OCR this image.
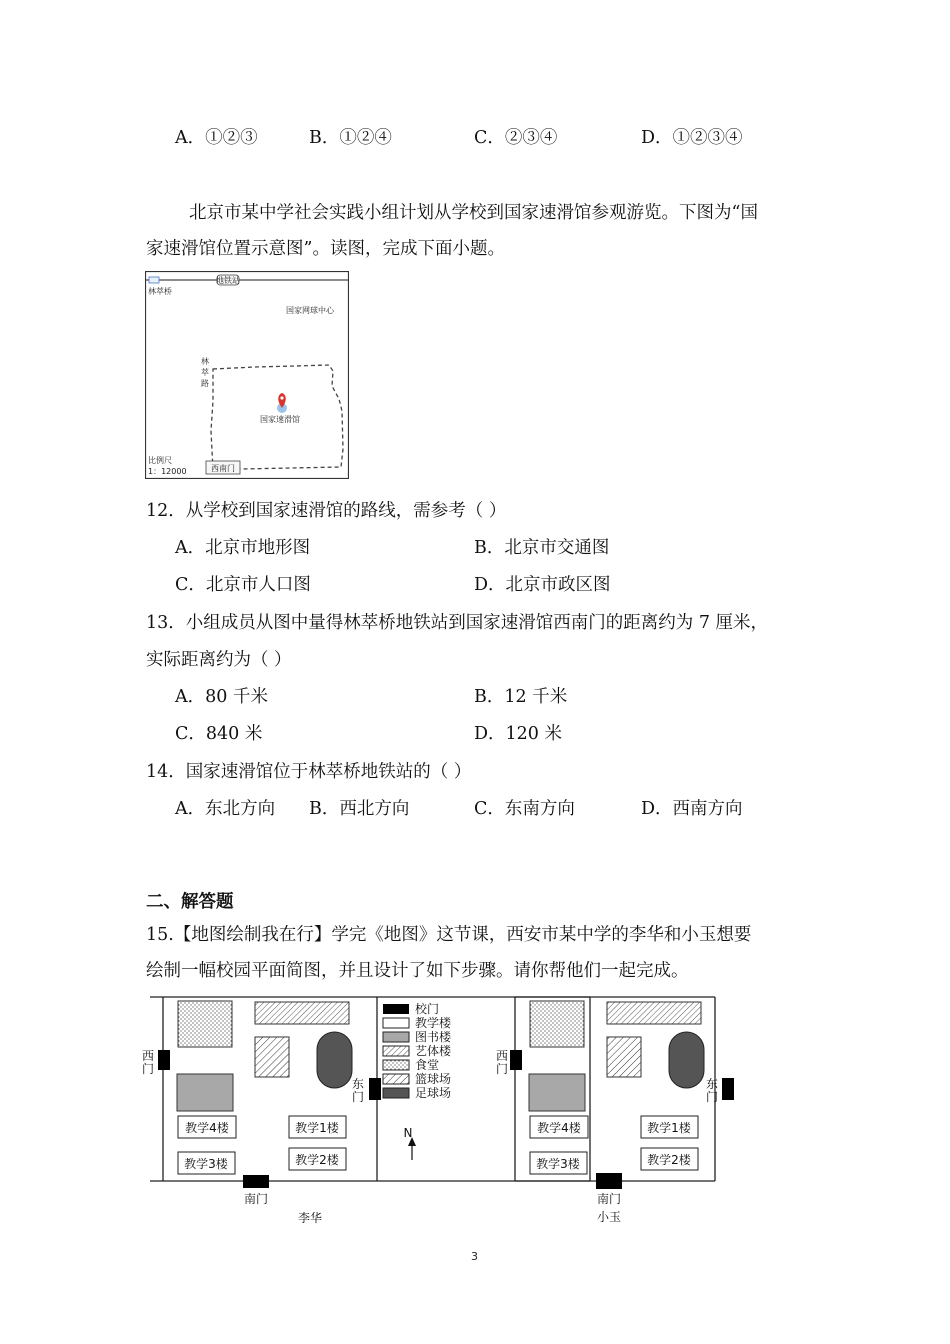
A．①②③	B．①②④	C．②③④	D．①②③④
北京市某中学社会实践小组计划从学校到国家速滑馆参观游览。下图为“国
家速滑馆位置示意图”。读图，完成下面小题。
地铁站
林萃桥
国家网球中心
林
萃
路
国家速滑馆
比例尺
1：12000	西南门
12．从学校到国家速滑馆的路线，需参考（ ）
A．北京市地形图	B．北京市交通图
C．北京市人口图	D．北京市政区图
13．小组成员从图中量得林萃桥地铁站到国家速滑馆西南门的距离约为 7 厘米，
实际距离约为（ ）
A．80 千米	B．12 千米
C．840 米	D．120 米
14．国家速滑馆位于林萃桥地铁站的（ ）
A．东北方向 B．西北方向	C．东南方向	D．西南方向
二、解答题
15.【地图绘制我在行】学完《地图》这节课，西安市某中学的李华和小玉想要
绘制一幅校园平面简图，并且设计了如下步骤。请你帮他们一起完成。
教学4楼	教学1楼
教学3楼	教学2楼
西
门
东
门
南门
李华
校门
教学楼
图书楼
艺体楼
食堂
篮球场
足球场
N	教学4楼	教学1楼
教学3楼	教学2楼
西
门
东
门
南门
小玉
3
